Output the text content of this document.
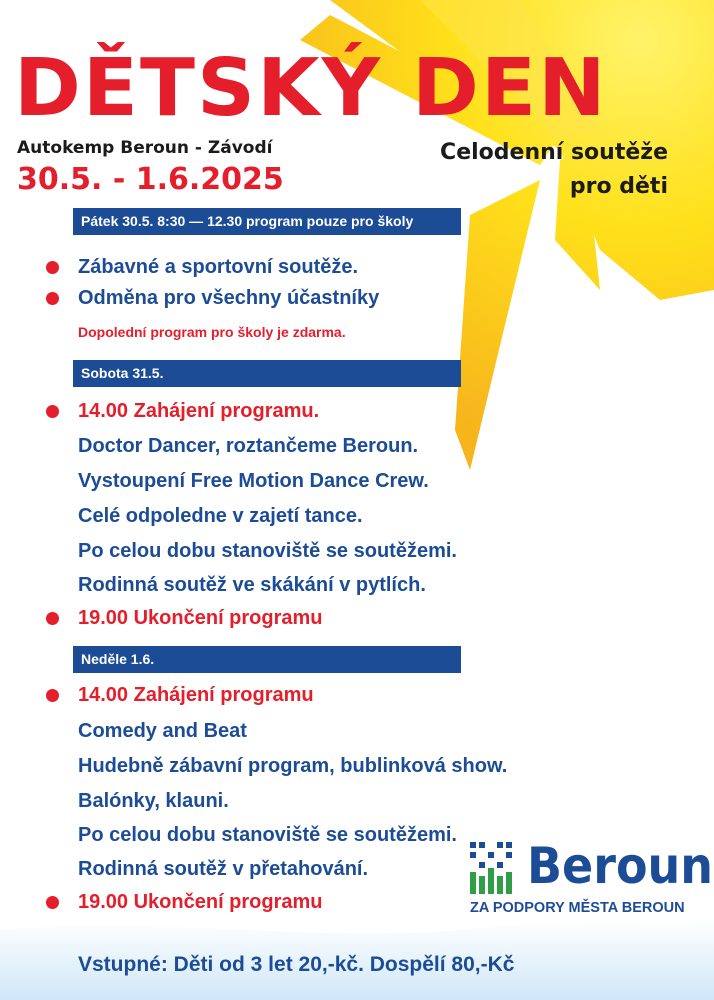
DĚTSKÝ DEN
Autokemp Beroun - Závodí
30.5. - 1.6.2025
Celodenní soutěže
pro děti
Pátek 30.5. 8:30 — 12.30 program pouze pro školy
Zábavné a sportovní soutěže.
Odměna pro všechny účastníky
Dopolední program pro školy je zdarma.
Sobota 31.5.
14.00 Zahájení programu.
Doctor Dancer, roztančeme Beroun.
Vystoupení Free Motion Dance Crew.
Celé odpoledne v zajetí tance.
Po celou dobu stanoviště se soutěžemi.
Rodinná soutěž ve skákání v pytlích.
19.00 Ukončení programu
Neděle 1.6.
14.00 Zahájení programu
Comedy and Beat
Hudebně zábavní program, bublinková show.
Balónky, klauni.
Po celou dobu stanoviště se soutěžemi.
Rodinná soutěž v přetahování.
19.00 Ukončení programu
Beroun
ZA PODPORY MĚSTA BEROUN
Vstupné: Děti od 3 let 20,-kč. Dospělí 80,-Kč
